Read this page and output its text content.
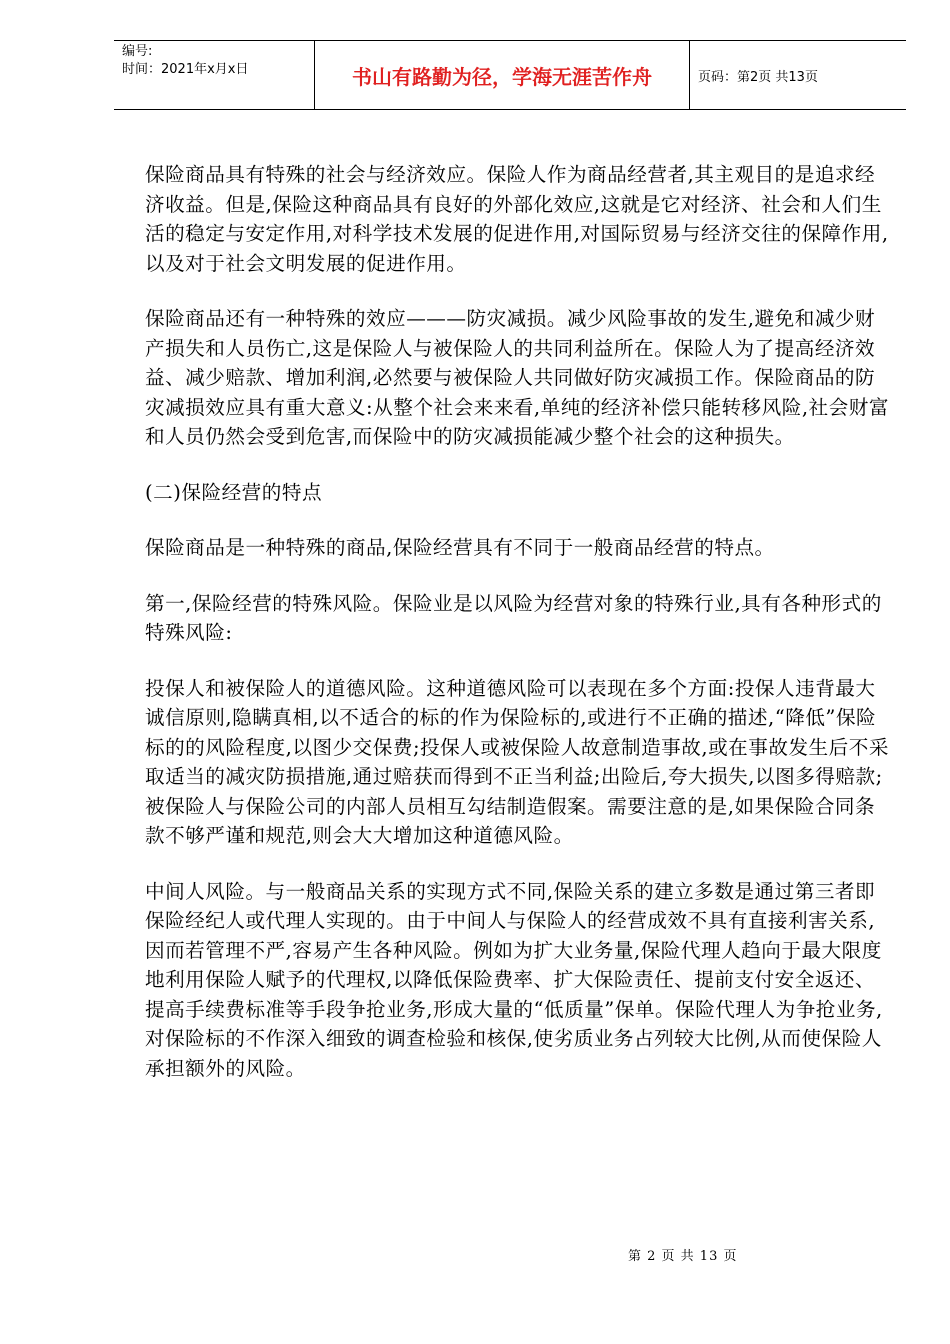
编号:
时间：2021年x月x日	书山有路勤为径，学海无涯苦作舟	页码：第2页 共13页

保险商品具有特殊的社会与经济效应。保险人作为商品经营者,其主观目的是追求经济收益。但是,保险这种商品具有良好的外部化效应,这就是它对经济、社会和人们生活的稳定与安定作用,对科学技术发展的促进作用,对国际贸易与经济交往的保障作用,以及对于社会文明发展的促进作用。

保险商品还有一种特殊的效应———防灾减损。减少风险事故的发生,避免和减少财产损失和人员伤亡,这是保险人与被保险人的共同利益所在。保险人为了提高经济效益、减少赔款、增加利润,必然要与被保险人共同做好防灾减损工作。保险商品的防灾减损效应具有重大意义:从整个社会来来看,单纯的经济补偿只能转移风险,社会财富和人员仍然会受到危害,而保险中的防灾减损能减少整个社会的这种损失。

(二)保险经营的特点

保险商品是一种特殊的商品,保险经营具有不同于一般商品经营的特点。

第一,保险经营的特殊风险。保险业是以风险为经营对象的特殊行业,具有各种形式的特殊风险:

投保人和被保险人的道德风险。这种道德风险可以表现在多个方面:投保人违背最大诚信原则,隐瞒真相,以不适合的标的作为保险标的,或进行不正确的描述,“降低”保险标的的风险程度,以图少交保费;投保人或被保险人故意制造事故,或在事故发生后不采取适当的减灾防损措施,通过赔获而得到不正当利益;出险后,夸大损失,以图多得赔款;被保险人与保险公司的内部人员相互勾结制造假案。需要注意的是,如果保险合同条款不够严谨和规范,则会大大增加这种道德风险。

中间人风险。与一般商品关系的实现方式不同,保险关系的建立多数是通过第三者即保险经纪人或代理人实现的。由于中间人与保险人的经营成效不具有直接利害关系,因而若管理不严,容易产生各种风险。例如为扩大业务量,保险代理人趋向于最大限度地利用保险人赋予的代理权,以降低保险费率、扩大保险责任、提前支付安全返还、提高手续费标准等手段争抢业务,形成大量的“低质量”保单。保险代理人为争抢业务,对保险标的不作深入细致的调查检验和核保,使劣质业务占列较大比例,从而使保险人承担额外的风险。

第 2 页 共 13 页
